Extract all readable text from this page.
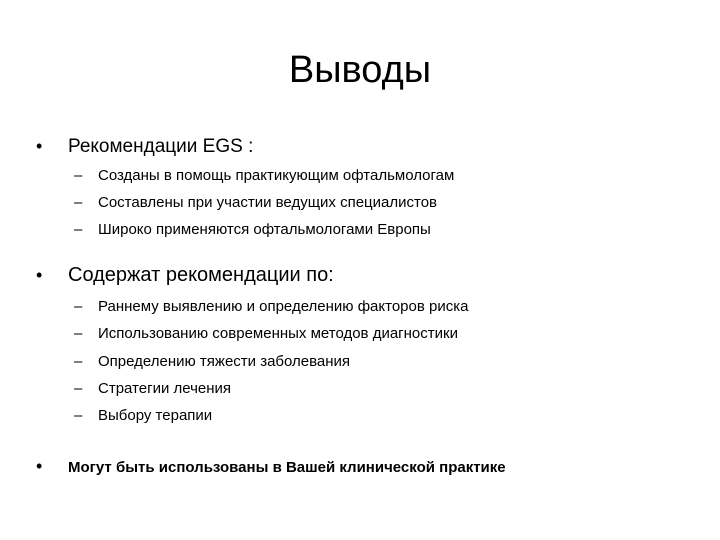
Выводы
• Рекомендации EGS :
– Созданы в помощь практикующим офтальмологам
– Составлены при участии ведущих специалистов
– Широко применяются офтальмологами Европы
• Содержат рекомендации по:
– Раннему выявлению и определению факторов риска
– Использованию современных методов диагностики
– Определению тяжести заболевания
– Стратегии лечения
– Выбору терапии
• Могут быть использованы в Вашей клинической практике
